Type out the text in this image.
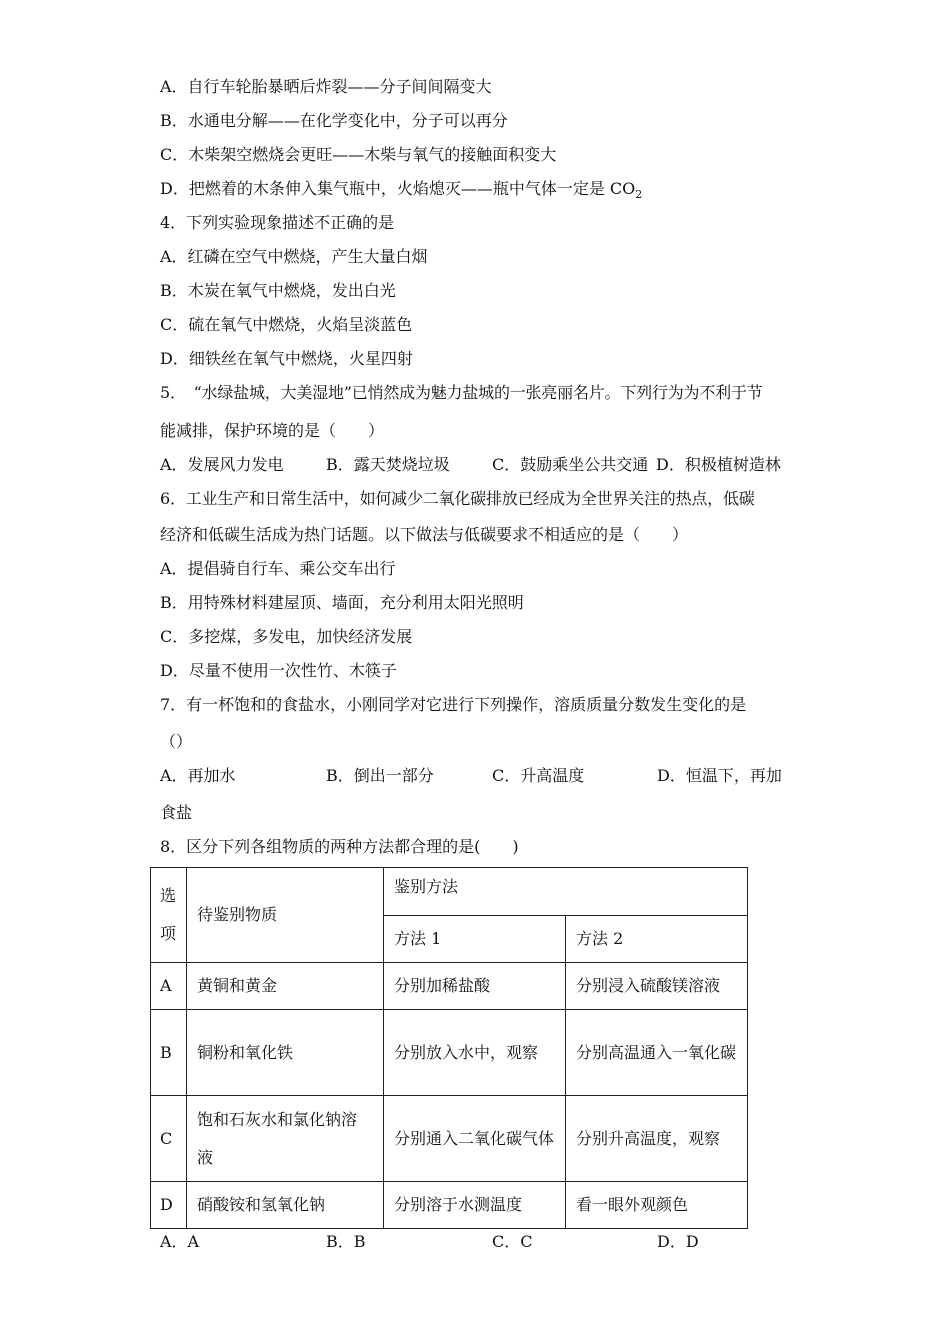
A．自行车轮胎暴晒后炸裂——分子间间隔变大
B．水通电分解——在化学变化中，分子可以再分
C．木柴架空燃烧会更旺——木柴与氧气的接触面积变大
D．把燃着的木条伸入集气瓶中，火焰熄灭——瓶中气体一定是 $CO_2$
4．下列实验现象描述不正确的是
A．红磷在空气中燃烧，产生大量白烟
B．木炭在氧气中燃烧，发出白光
C．硫在氧气中燃烧，火焰呈淡蓝色
D．细铁丝在氧气中燃烧，火星四射
5．　“水绿盐城，大美湿地”已悄然成为魅力盐城的一张亮丽名片。下列行为为不利于节
能减排，保护环境的是（　　）
A．发展风力发电	B．露天焚烧垃圾	C．鼓励乘坐公共交通 D．积极植树造林
6．工业生产和日常生活中，如何减少二氧化碳排放已经成为全世界关注的热点，低碳
经济和低碳生活成为热门话题。以下做法与低碳要求不相适应的是（　　）
A．提倡骑自行车、乘公交车出行
B．用特殊材料建屋顶、墙面，充分利用太阳光照明
C．多挖煤，多发电，加快经济发展
D．尽量不使用一次性竹、木筷子
7．有一杯饱和的食盐水，小刚同学对它进行下列操作，溶质质量分数发生变化的是
（）
A．再加水	B．倒出一部分	C．升高温度	D．恒温下，再加
食盐
8．区分下列各组物质的两种方法都合理的是(　　)
选
项	待鉴别物质	鉴别方法	
		方法 1	方法 2
A	黄铜和黄金	分别加稀盐酸	分别浸入硫酸镁溶液
B	铜粉和氧化铁	分别放入水中，观察	分别高温通入一氧化碳
C	饱和石灰水和氯化钠溶液	分别通入二氧化碳气体	分别升高温度，观察
D	硝酸铵和氢氧化钠	分别溶于水测温度	看一眼外观颜色
A．A	B．B	C．C	D．D
